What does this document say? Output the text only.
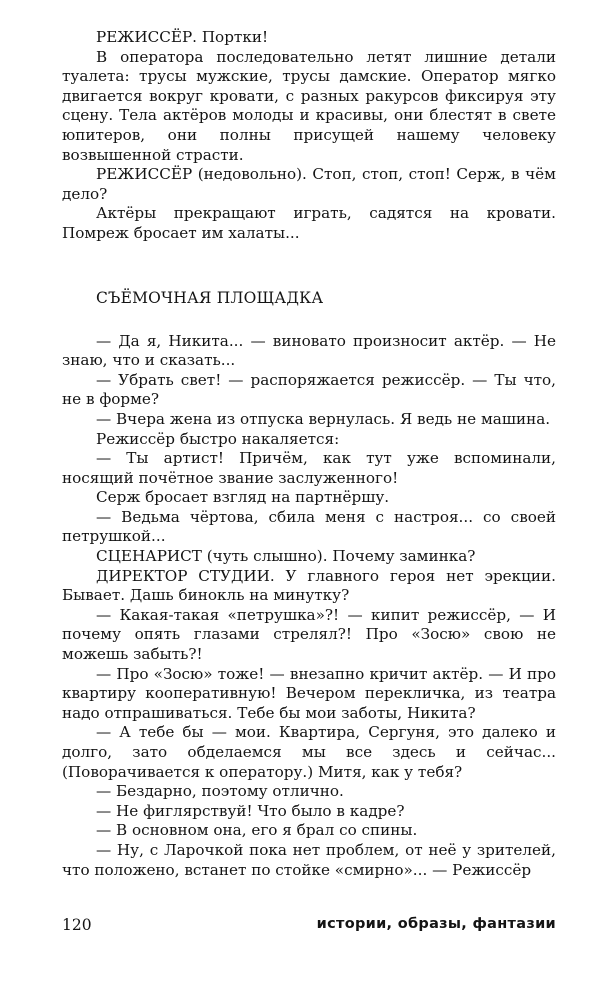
РЕЖИССЁР. Портки!

В оператора последовательно летят лишние детали туалета: трусы мужские, трусы дамские. Оператор мягко двигается вокруг кровати, с разных ракурсов фиксируя эту сцену. Тела актёров молоды и красивы, они блестят в свете юпитеров, они полны присущей нашему человеку возвышенной страсти.

РЕЖИССЁР (недовольно). Стоп, стоп, стоп! Серж, в чём дело?

Актёры прекращают играть, садятся на кровати. Помреж бросает им халаты...

СЪЁМОЧНАЯ ПЛОЩАДКА

— Да я, Никита... — виновато произносит актёр. — Не знаю, что и сказать...

— Убрать свет! — распоряжается режиссёр. — Ты что, не в форме?

— Вчера жена из отпуска вернулась. Я ведь не машина.

Режиссёр быстро накаляется:

— Ты артист! Причём, как тут уже вспоминали, носящий почётное звание заслуженного!

Серж бросает взгляд на партнёршу.

— Ведьма чёртова, сбила меня с настроя... со своей петрушкой...

СЦЕНАРИСТ (чуть слышно). Почему заминка?

ДИРЕКТОР СТУДИИ. У главного героя нет эрекции. Бывает. Дашь бинокль на минутку?

— Какая-такая «петрушка»?! — кипит режиссёр, — И почему опять глазами стрелял?! Про «Зосю» свою не можешь забыть?!

— Про «Зосю» тоже! — внезапно кричит актёр. — И про квартиру кооперативную! Вечером перекличка, из театра надо отпрашиваться. Тебе бы мои заботы, Никита?

— А тебе бы — мои. Квартира, Сергуня, это далеко и долго, зато обделаемся мы все здесь и сейчас... (Поворачивается к оператору.) Митя, как у тебя?

— Бездарно, поэтому отлично.

— Не фиглярствуй! Что было в кадре?

— В основном она, его я брал со спины.

— Ну, с Ларочкой пока нет проблем, от неё у зрителей, что положено, встанет по стойке «смирно»... — Режиссёр

120	истории, образы, фантазии
